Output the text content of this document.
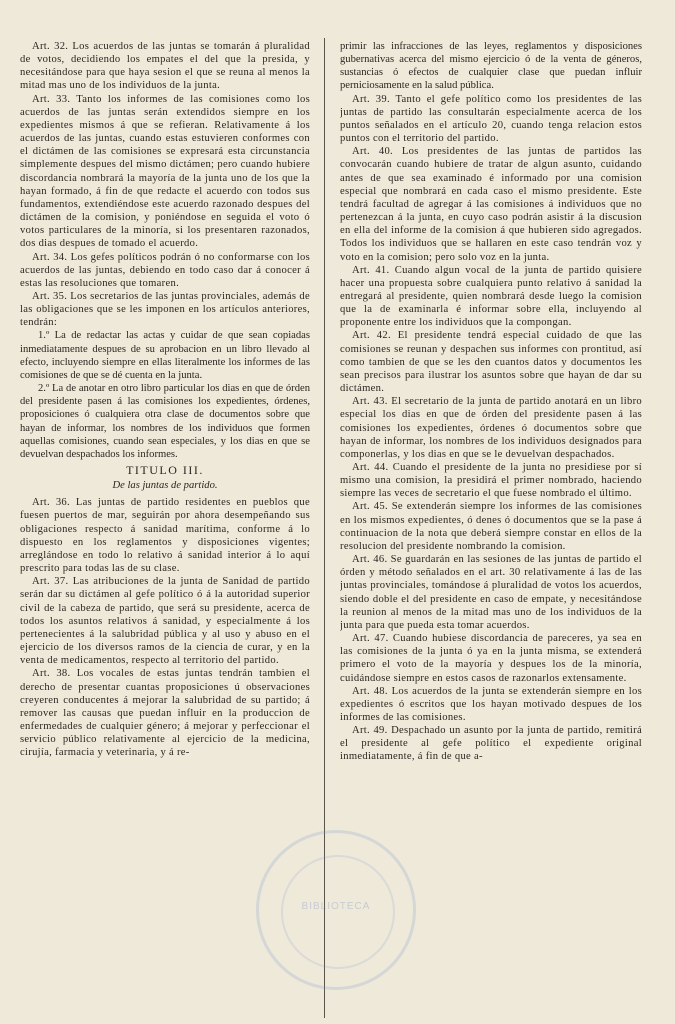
Art. 32. Los acuerdos de las juntas se tomarán á pluralidad de votos, decidiendo los empates el del que la presida, y necesitándose para que haya sesion el que se reuna al menos la mitad mas uno de los individuos de la junta.

Art. 33. Tanto los informes de las comisiones como los acuerdos de las juntas serán extendidos siempre en los expedientes mismos á que se refieran. Relativamente á los acuerdos de las juntas, cuando estas estuvieren conformes con el dictámen de las comisiones se expresará esta circunstancia simplemente despues del mismo dictámen; pero cuando hubiere discordancia nombrará la mayoría de la junta uno de los que la hayan formado, á fin de que redacte el acuerdo con todos sus fundamentos, extendiéndose este acuerdo razonado despues del dictámen de la comision, y poniéndose en seguida el voto ó votos particulares de la minoría, si los presentaren razonados, dos dias despues de tomado el acuerdo.

Art. 34. Los gefes políticos podrán ó no conformarse con los acuerdos de las juntas, debiendo en todo caso dar á conocer á estas las resoluciones que tomaren.

Art. 35. Los secretarios de las juntas provinciales, además de las obligaciones que se les imponen en los artículos anteriores, tendrán:

1.º La de redactar las actas y cuidar de que sean copiadas inmediatamente despues de su aprobacion en un libro llevado al efecto, incluyendo siempre en ellas literalmente los informes de las comisiones de que se dé cuenta en la junta.

2.º La de anotar en otro libro particular los dias en que de órden del presidente pasen á las comisiones los expedientes, órdenes, proposiciones ó cualquiera otra clase de documentos sobre que hayan de informar, los nombres de los individuos que formen aquellas comisiones, cuando sean especiales, y los dias en que se devuelvan despachados los informes.

TITULO III.
De las juntas de partido.

Art. 36. Las juntas de partido residentes en pueblos que fuesen puertos de mar, seguirán por ahora desempeñando sus obligaciones respecto á sanidad marítima, conforme á lo dispuesto en los reglamentos y disposiciones vigentes; arreglándose en todo lo relativo á sanidad interior á lo aquí prescrito para todas las de su clase.

Art. 37. Las atribuciones de la junta de Sanidad de partido serán dar su dictámen al gefe político ó á la autoridad superior civil de la cabeza de partido, que será su presidente, acerca de todos los asuntos relativos á sanidad, y especialmente á los pertenecientes á la salubridad pública y al uso y abuso en el ejercicio de los diversos ramos de la ciencia de curar, y en la venta de medicamentos, respecto al territorio del partido.

Art. 38. Los vocales de estas juntas tendrán tambien el derecho de presentar cuantas proposiciones ú observaciones creyeren conducentes á mejorar la salubridad de su partido; á remover las causas que puedan influir en la produccion de enfermedades de cualquier género; á mejorar y perfeccionar el servicio público relativamente al ejercicio de la medicina, cirujía, farmacia y veterinaria, y á re-

primir las infracciones de las leyes, reglamentos y disposiciones gubernativas acerca del mismo ejercicio ó de la venta de géneros, sustancias ó efectos de cualquier clase que puedan influir perniciosamente en la salud pública.

Art. 39. Tanto el gefe político como los presidentes de las juntas de partido las consultarán especialmente acerca de los puntos señalados en el artículo 20, cuando tenga relacion estos puntos con el territorio del partido.

Art. 40. Los presidentes de las juntas de partidos las convocarán cuando hubiere de tratar de algun asunto, cuidando antes de que sea examinado é informado por una comision especial que nombrará en cada caso el mismo presidente. Este tendrá facultad de agregar á las comisiones á individuos que no pertenezcan á la junta, en cuyo caso podrán asistir á la discusion en ella del informe de la comision á que hubieren sido agregados. Todos los individuos que se hallaren en este caso tendrán voz y voto en la comision; pero solo voz en la junta.

Art. 41. Cuando algun vocal de la junta de partido quisiere hacer una propuesta sobre cualquiera punto relativo á sanidad la entregará al presidente, quien nombrará desde luego la comision que la de examinarla é informar sobre ella, incluyendo al proponente entre los individuos que la compongan.

Art. 42. El presidente tendrá especial cuidado de que las comisiones se reunan y despachen sus informes con prontitud, así como tambien de que se les den cuantos datos y documentos les sean precisos para ilustrar los asuntos sobre que hayan de dar su dictámen.

Art. 43. El secretario de la junta de partido anotará en un libro especial los dias en que de órden del presidente pasen á las comisiones los expedientes, órdenes ó documentos sobre que hayan de informar, los nombres de los individuos designados para componerlas, y los dias en que se le devuelvan despachados.

Art. 44. Cuando el presidente de la junta no presidiese por sí mismo una comision, la presidirá el primer nombrado, haciendo siempre las veces de secretario el que fuese nombrado el último.

Art. 45. Se extenderán siempre los informes de las comisiones en los mismos expedientes, ó denes ó documentos que se la pase á continuacion de la nota que deberá siempre constar en ellos de la resolucion del presidente nombrando la comision.

Art. 46. Se guardarán en las sesiones de las juntas de partido el órden y método señalados en el art. 30 relativamente á las de las juntas provinciales, tomándose á pluralidad de votos los acuerdos, siendo doble el del presidente en caso de empate, y necesitándose la reunion al menos de la mitad mas uno de los individuos de la junta para que pueda esta tomar acuerdos.

Art. 47. Cuando hubiese discordancia de pareceres, ya sea en las comisiones de la junta ó ya en la junta misma, se extenderá primero el voto de la mayoría y despues los de la minoría, cuidándose siempre en estos casos de razonarlos extensamente.

Art. 48. Los acuerdos de la junta se extenderán siempre en los expedientes ó escritos que los hayan motivado despues de los informes de las comisiones.

Art. 49. Despachado un asunto por la junta de partido, remitirá el presidente al gefe político el expediente original inmediatamente, á fin de que a-

BIBLIOTECA
